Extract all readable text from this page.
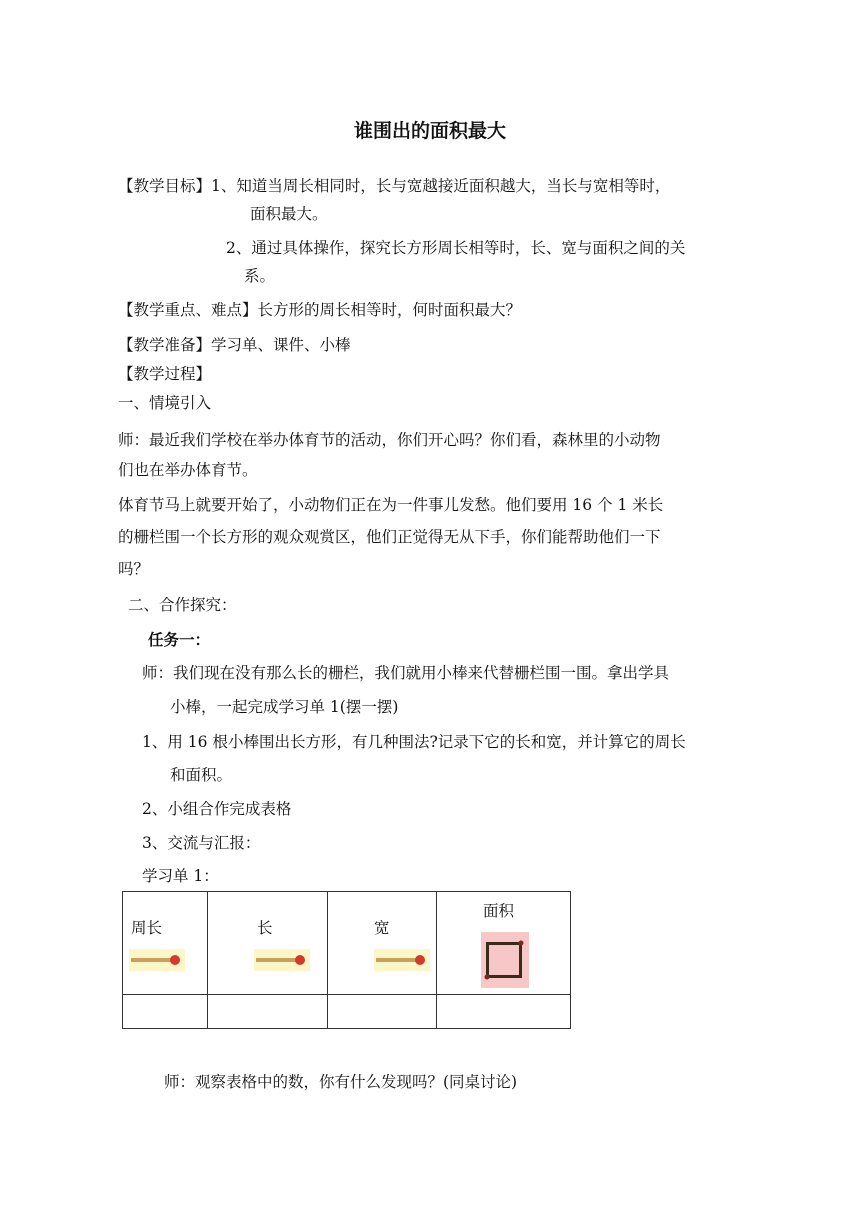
谁围出的面积最大
【教学目标】1、知道当周长相同时，长与宽越接近面积越大，当长与宽相等时，
面积最大。
2、通过具体操作，探究长方形周长相等时，长、宽与面积之间的关
系。
【教学重点、难点】长方形的周长相等时，何时面积最大？
【教学准备】学习单、课件、小棒
【教学过程】
一、情境引入
师：最近我们学校在举办体育节的活动，你们开心吗？你们看，森林里的小动物
们也在举办体育节。
体育节马上就要开始了，小动物们正在为一件事儿发愁。他们要用 16 个 1 米长
的栅栏围一个长方形的观众观赏区，他们正觉得无从下手，你们能帮助他们一下
吗？
二、合作探究：
任务一：
师：我们现在没有那么长的栅栏，我们就用小棒来代替栅栏围一围。拿出学具
小棒，一起完成学习单 1(摆一摆)
1、用 16 根小棒围出长方形，有几种围法?记录下它的长和宽，并计算它的周长
和面积。
2、小组合作完成表格
3、交流与汇报：
学习单 1：
周长	长	宽	面积

师：观察表格中的数，你有什么发现吗？(同桌讨论)
